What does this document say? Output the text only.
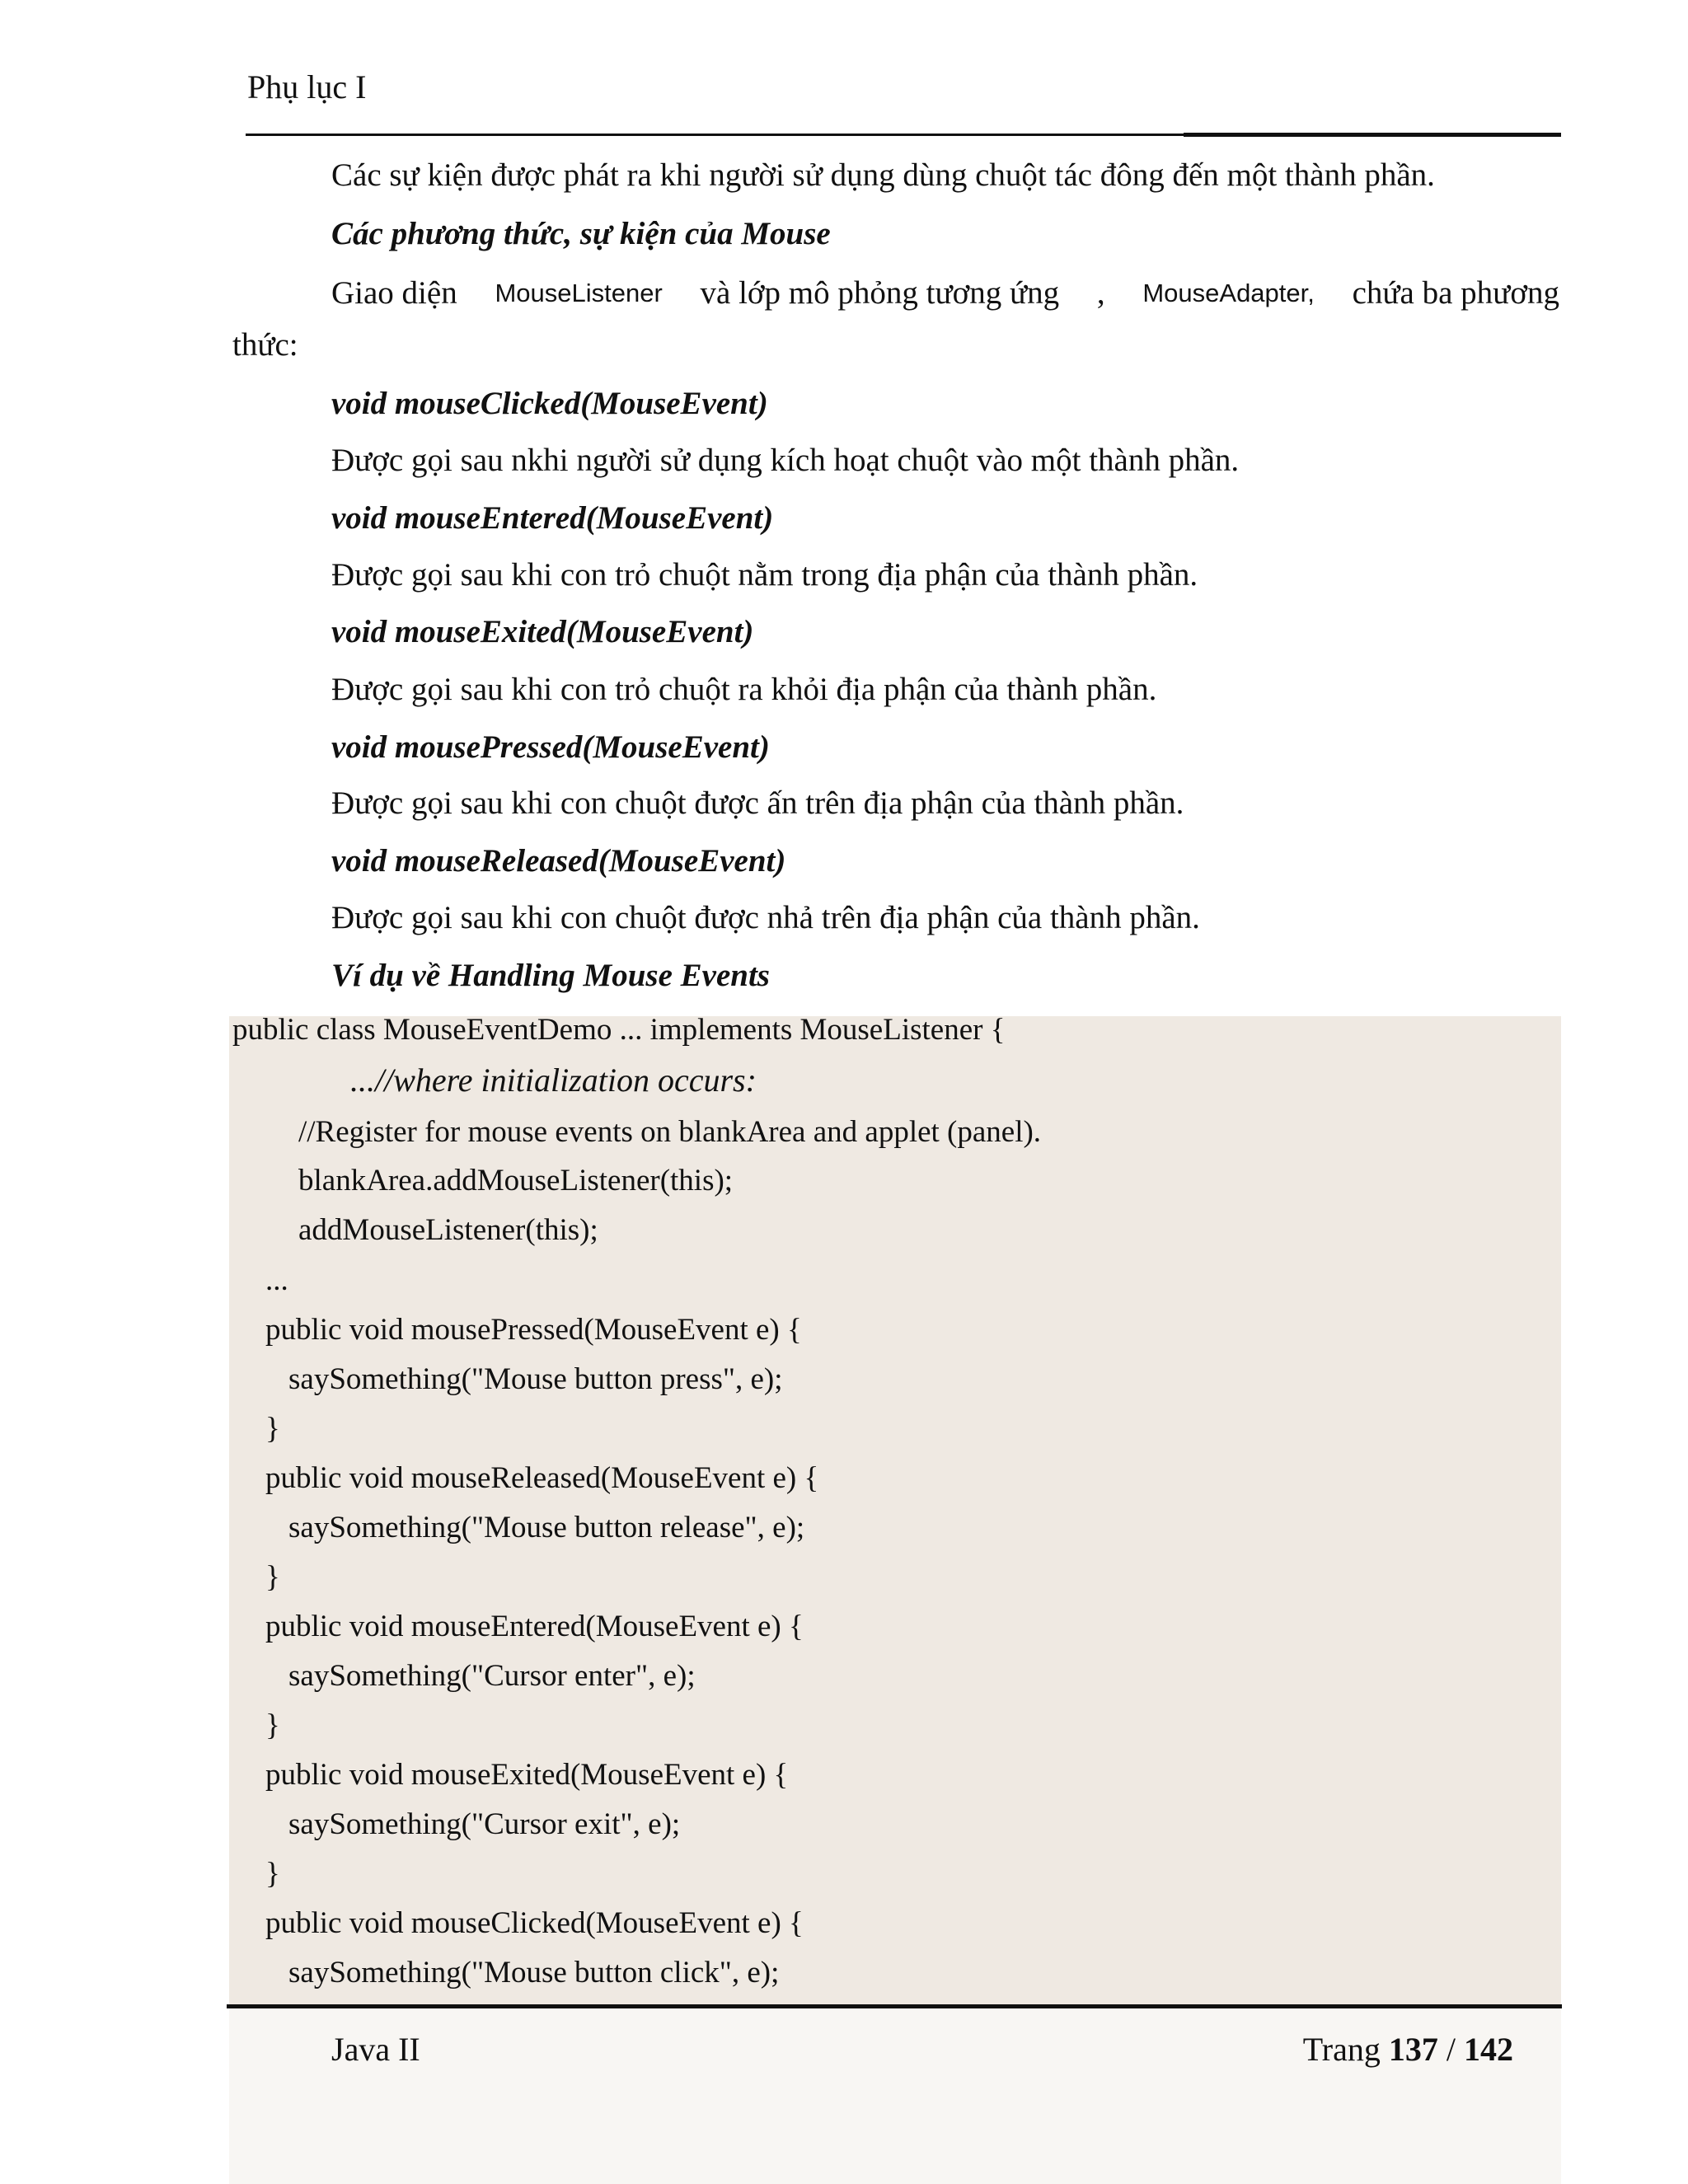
Phụ lục I
Các sự kiện được phát ra khi người sử dụng dùng chuột tác đông đến một thành phần.
Các phương thức, sự kiện của Mouse
Giao diện MouseListener và lớp mô phỏng tương ứng , MouseAdapter, chứa ba phương
thức:
void mouseClicked(MouseEvent)
Được gọi sau nkhi người sử dụng kích hoạt chuột vào một thành phần.
void mouseEntered(MouseEvent)
Được gọi sau khi con trỏ chuột nằm trong địa phận của thành phần.
void mouseExited(MouseEvent)
Được gọi sau khi con trỏ chuột ra khỏi địa phận của thành phần.
void mousePressed(MouseEvent)
Được gọi sau khi con chuột được ấn trên địa phận của thành phần.
void mouseReleased(MouseEvent)
Được gọi sau khi con chuột được nhả trên địa phận của thành phần.
Ví dụ về Handling Mouse Events
public class MouseEventDemo ... implements MouseListener {
...//where initialization occurs:
//Register for mouse events on blankArea and applet (panel).
blankArea.addMouseListener(this);
addMouseListener(this);
...
public void mousePressed(MouseEvent e) {
saySomething("Mouse button press", e);
}
public void mouseReleased(MouseEvent e) {
saySomething("Mouse button release", e);
}
public void mouseEntered(MouseEvent e) {
saySomething("Cursor enter", e);
}
public void mouseExited(MouseEvent e) {
saySomething("Cursor exit", e);
}
public void mouseClicked(MouseEvent e) {
saySomething("Mouse button click", e);
Java II	Trang 137 / 142
